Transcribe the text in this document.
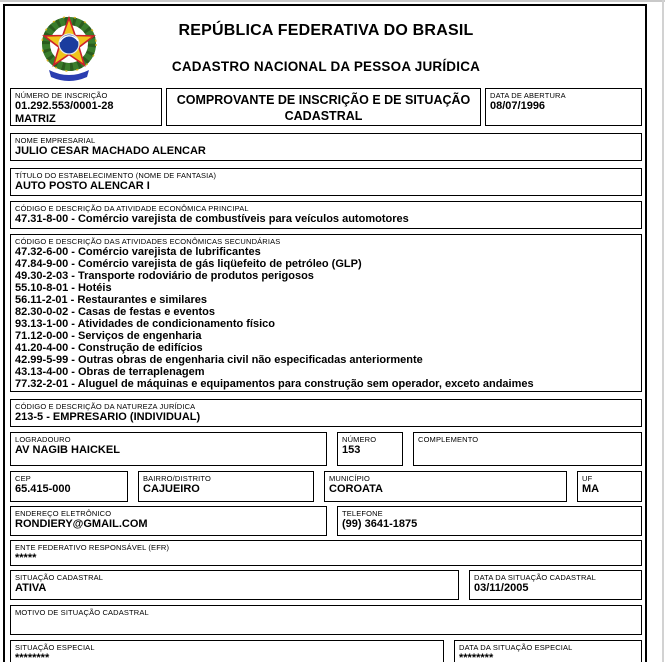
REPÚBLICA FEDERATIVA DO BRASIL
CADASTRO NACIONAL DA PESSOA JURÍDICA
NÚMERO DE INSCRIÇÃO
01.292.553/0001-28
MATRIZ
COMPROVANTE DE INSCRIÇÃO E DE SITUAÇÃO CADASTRAL
DATA DE ABERTURA
08/07/1996
NOME EMPRESARIAL
JULIO CESAR MACHADO ALENCAR
TÍTULO DO ESTABELECIMENTO (NOME DE FANTASIA)
AUTO POSTO ALENCAR I
CÓDIGO E DESCRIÇÃO DA ATIVIDADE ECONÔMICA PRINCIPAL
47.31-8-00 - Comércio varejista de combustíveis para veículos automotores
CÓDIGO E DESCRIÇÃO DAS ATIVIDADES ECONÔMICAS SECUNDÁRIAS
47.32-6-00 - Comércio varejista de lubrificantes
47.84-9-00 - Comércio varejista de gás liqüefeito de petróleo (GLP)
49.30-2-03 - Transporte rodoviário de produtos perigosos
55.10-8-01 - Hotéis
56.11-2-01 - Restaurantes e similares
82.30-0-02 - Casas de festas e eventos
93.13-1-00 - Atividades de condicionamento físico
71.12-0-00 - Serviços de engenharia
41.20-4-00 - Construção de edifícios
42.99-5-99 - Outras obras de engenharia civil não especificadas anteriormente
43.13-4-00 - Obras de terraplenagem
77.32-2-01 - Aluguel de máquinas e equipamentos para construção sem operador, exceto andaimes
CÓDIGO E DESCRIÇÃO DA NATUREZA JURÍDICA
213-5 - EMPRESARIO (INDIVIDUAL)
LOGRADOURO
AV NAGIB HAICKEL
NÚMERO
153
COMPLEMENTO
CEP
65.415-000
BAIRRO/DISTRITO
CAJUEIRO
MUNICÍPIO
COROATA
UF
MA
ENDEREÇO ELETRÔNICO
RONDIERY@GMAIL.COM
TELEFONE
(99) 3641-1875
ENTE FEDERATIVO RESPONSÁVEL (EFR)
*****
SITUAÇÃO CADASTRAL
ATIVA
DATA DA SITUAÇÃO CADASTRAL
03/11/2005
MOTIVO DE SITUAÇÃO CADASTRAL
SITUAÇÃO ESPECIAL
********
DATA DA SITUAÇÃO ESPECIAL
********
